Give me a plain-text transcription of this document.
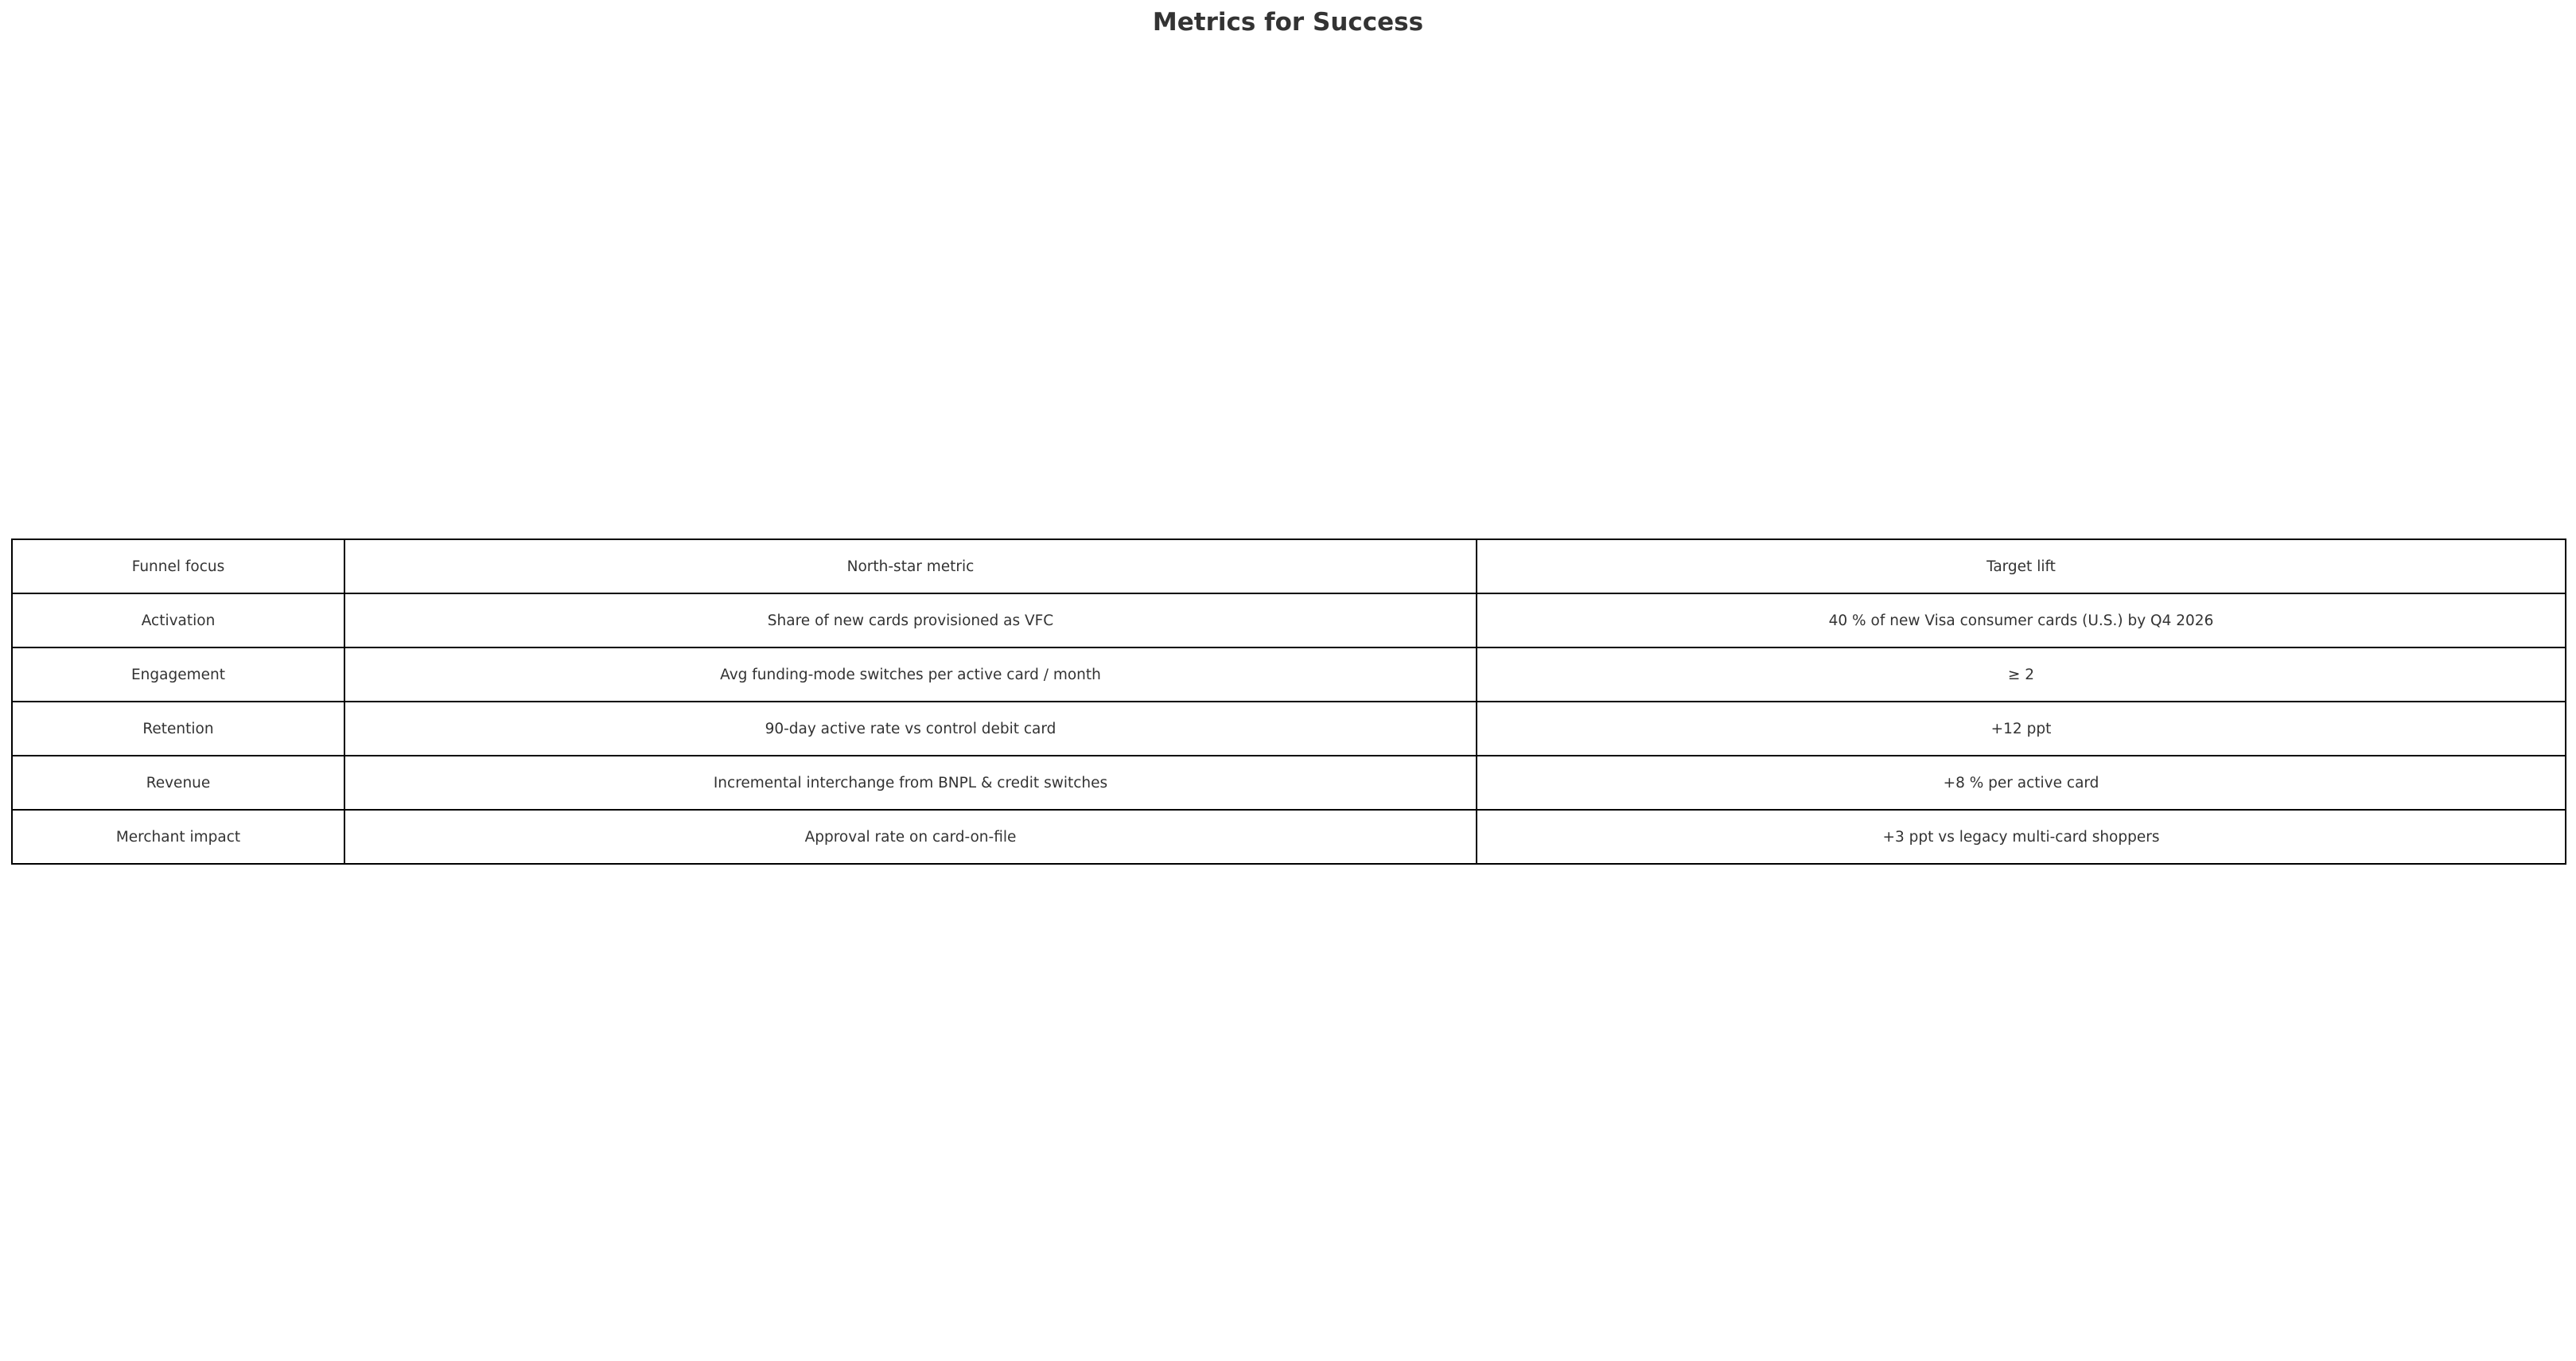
Metrics for Success
Funnel focus	North-star metric	Target lift
Activation	Share of new cards provisioned as VFC	40 % of new Visa consumer cards (U.S.) by Q4 2026
Engagement	Avg funding-mode switches per active card / month	≥ 2
Retention	90-day active rate vs control debit card	+12 ppt
Revenue	Incremental interchange from BNPL & credit switches	+8 % per active card
Merchant impact	Approval rate on card-on-file	+3 ppt vs legacy multi-card shoppers
